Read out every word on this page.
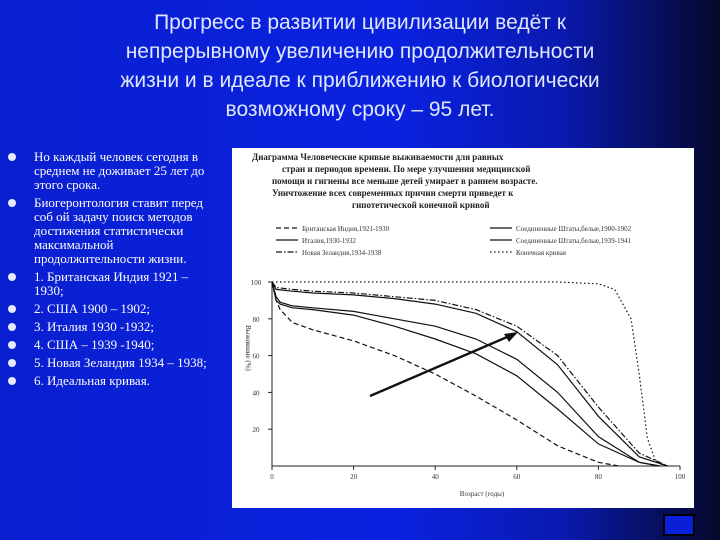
Прогресс в развитии цивилизации ведёт к
непрерывному увеличению продолжительности
жизни и в идеале к приближению к биологически
возможному сроку – 95 лет.
Но каждый человек сегодня в среднем не доживает 25 лет до этого срока.
Биогеронтология ставит перед соб ой задачу поиск методов достижения статистически максимальной продолжительности жизни.
1. Британская Индия 1921 –1930;
2. США 1900 – 1902;
3. Италия 1930 -1932;
4. США – 1939 -1940;
5. Новая Зеландия 1934 – 1938;
6. Идеальная кривая.
Диаграмма Человеческие кривые выживаемости для равных
стран и периодов времени. По мере улучшения медицинской
помощи и гигиены все меньше детей умирает в раннем возрасте.
Уничтожение всех современных причин смерти приведет к
гипотетической конечной кривой
Британская Индия,1921-1930	Соединенные Штаты,белые,1900-1902
Италия,1930-1932	Соединенные Штаты,белые,1939-1941
Новая Зеландия,1934-1938	Конечная кривая
0	20	40	60	80	100
20
40
60
80
100
Возраст (годы)
Выжившие (%)
